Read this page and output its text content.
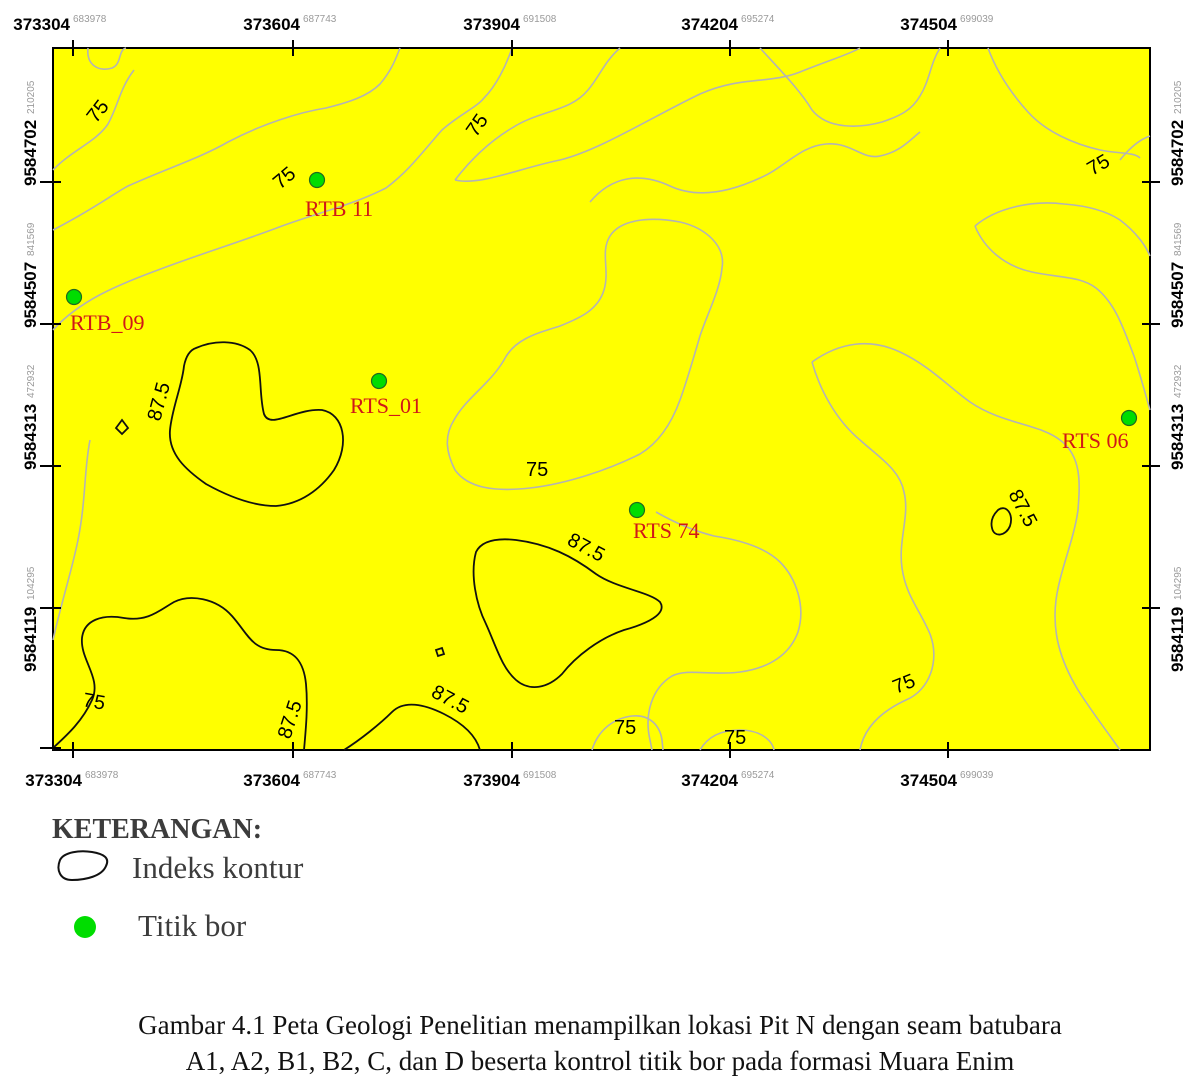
373304 683978	373604 687743	373904 691508	374204 695274	374504 699039
373304 683978	373604 687743	373904 691508	374204 695274	374504 699039
9584702
210205
9584507
841569
9584313
472932
9584119
104295
9584702
210205
9584507
841569
9584313
472932
9584119
104295
75
75
75
75
75
75
75	75
75
87.5
87.5
87.5
87.5
87.5
RTB 11
RTB_09
RTS_01
RTS 06
RTS 74
KETERANGAN:
Indeks kontur
Titik bor
Gambar 4.1 Peta Geologi Penelitian menampilkan lokasi Pit N dengan seam batubara
A1, A2, B1, B2, C, dan D beserta kontrol titik bor pada formasi Muara Enim
